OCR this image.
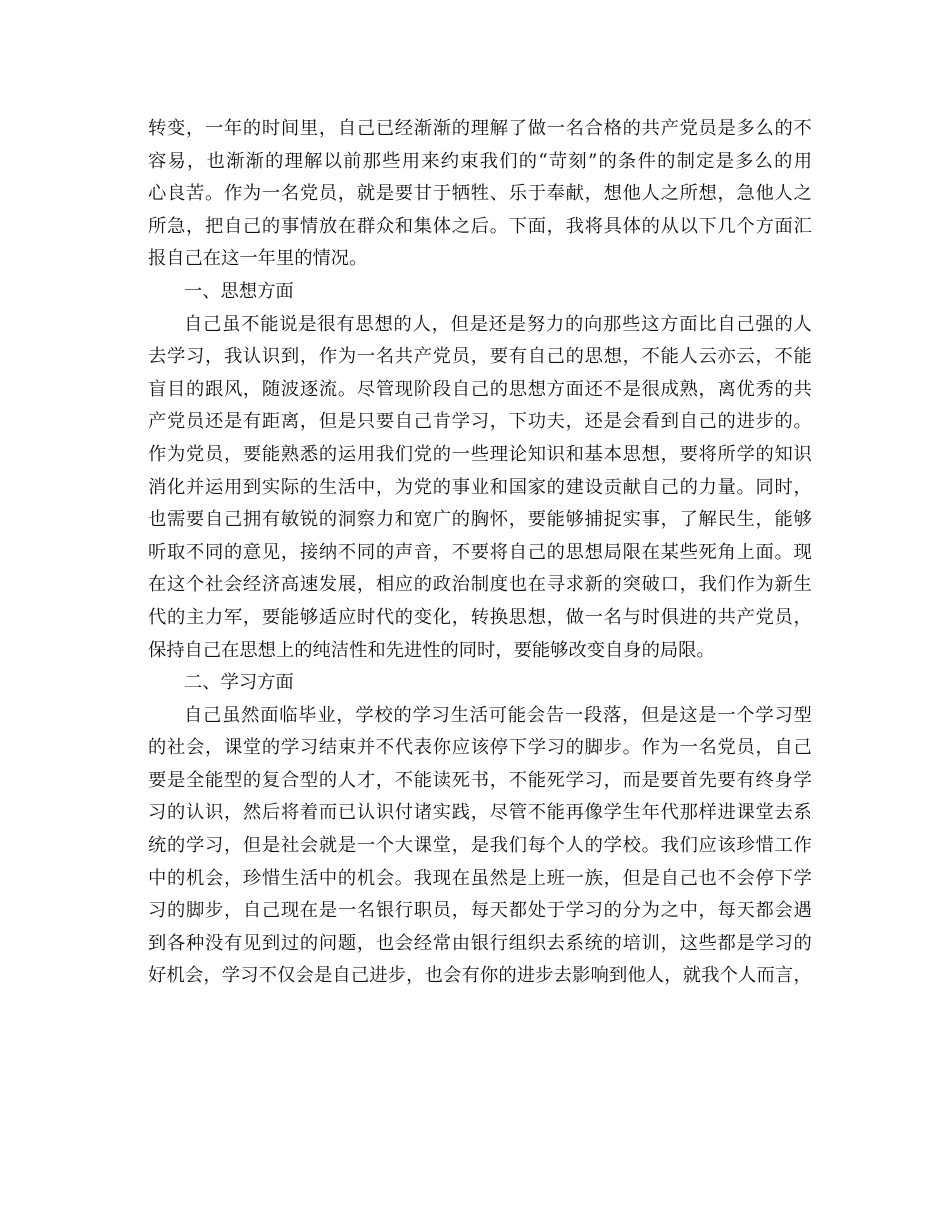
转 变 ， 一 年 的 时 间 里 ， 自 己 已 经 渐 渐 的 理 解 了 做 一 名 合 格 的 共 产 党 员 是 多 么 的 不
容 易 ， 也 渐 渐 的 理 解 以 前 那 些 用 来 约 束 我 们 的 “ 苛 刻 ” 的 条 件 的 制 定 是 多 么 的 用
心 良 苦 。 作 为 一 名 党 员 ， 就 是 要 甘 于 牺 牲 、 乐 于 奉 献 ， 想 他 人 之 所 想 ， 急 他 人 之
所 急 ， 把 自 己 的 事 情 放 在 群 众 和 集 体 之 后 。 下 面 ， 我 将 具 体 的 从 以 下 几 个 方 面 汇
报自己在这一年里的情况。
一、思想方面
自 己 虽 不 能 说 是 很 有 思 想 的 人 ， 但 是 还 是 努 力 的 向 那 些 这 方 面 比 自 己 强 的 人
去 学 习 ， 我 认 识 到 ， 作 为 一 名 共 产 党 员 ， 要 有 自 己 的 思 想 ， 不 能 人 云 亦 云 ， 不 能
盲 目 的 跟 风 ， 随 波 逐 流 。 尽 管 现 阶 段 自 己 的 思 想 方 面 还 不 是 很 成 熟 ， 离 优 秀 的 共
产 党 员 还 是 有 距 离 ， 但 是 只 要 自 己 肯 学 习 ， 下 功 夫 ， 还 是 会 看 到 自 己 的 进 步 的 。
作 为 党 员 ， 要 能 熟 悉 的 运 用 我 们 党 的 一 些 理 论 知 识 和 基 本 思 想 ， 要 将 所 学 的 知 识
消 化 并 运 用 到 实 际 的 生 活 中 ， 为 党 的 事 业 和 国 家 的 建 设 贡 献 自 己 的 力 量 。 同 时 ，
也 需 要 自 己 拥 有 敏 锐 的 洞 察 力 和 宽 广 的 胸 怀 ， 要 能 够 捕 捉 实 事 ， 了 解 民 生 ， 能 够
听 取 不 同 的 意 见 ， 接 纳 不 同 的 声 音 ， 不 要 将 自 己 的 思 想 局 限 在 某 些 死 角 上 面 。 现
在 这 个 社 会 经 济 高 速 发 展 ， 相 应 的 政 治 制 度 也 在 寻 求 新 的 突 破 口 ， 我 们 作 为 新 生
代 的 主 力 军 ， 要 能 够 适 应 时 代 的 变 化 ， 转 换 思 想 ， 做 一 名 与 时 俱 进 的 共 产 党 员 ，
保持自己在思想上的纯洁性和先进性的同时，要能够改变自身的局限。
二、学习方面
自 己 虽 然 面 临 毕 业 ， 学 校 的 学 习 生 活 可 能 会 告 一 段 落 ， 但 是 这 是 一 个 学 习 型
的 社 会 ， 课 堂 的 学 习 结 束 并 不 代 表 你 应 该 停 下 学 习 的 脚 步 。 作 为 一 名 党 员 ， 自 己
要 是 全 能 型 的 复 合 型 的 人 才 ， 不 能 读 死 书 ， 不 能 死 学 习 ， 而 是 要 首 先 要 有 终 身 学
习 的 认 识 ， 然 后 将 着 而 已 认 识 付 诸 实 践 ， 尽 管 不 能 再 像 学 生 年 代 那 样 进 课 堂 去 系
统 的 学 习 ， 但 是 社 会 就 是 一 个 大 课 堂 ， 是 我 们 每 个 人 的 学 校 。 我 们 应 该 珍 惜 工 作
中 的 机 会 ， 珍 惜 生 活 中 的 机 会 。 我 现 在 虽 然 是 上 班 一 族 ， 但 是 自 己 也 不 会 停 下 学
习 的 脚 步 ， 自 己 现 在 是 一 名 银 行 职 员 ， 每 天 都 处 于 学 习 的 分 为 之 中 ， 每 天 都 会 遇
到 各 种 没 有 见 到 过 的 问 题 ， 也 会 经 常 由 银 行 组 织 去 系 统 的 培 训 ， 这 些 都 是 学 习 的
好 机 会 ， 学 习 不 仅 会 是 自 己 进 步 ， 也 会 有 你 的 进 步 去 影 响 到 他 人 ， 就 我 个 人 而 言 ，
